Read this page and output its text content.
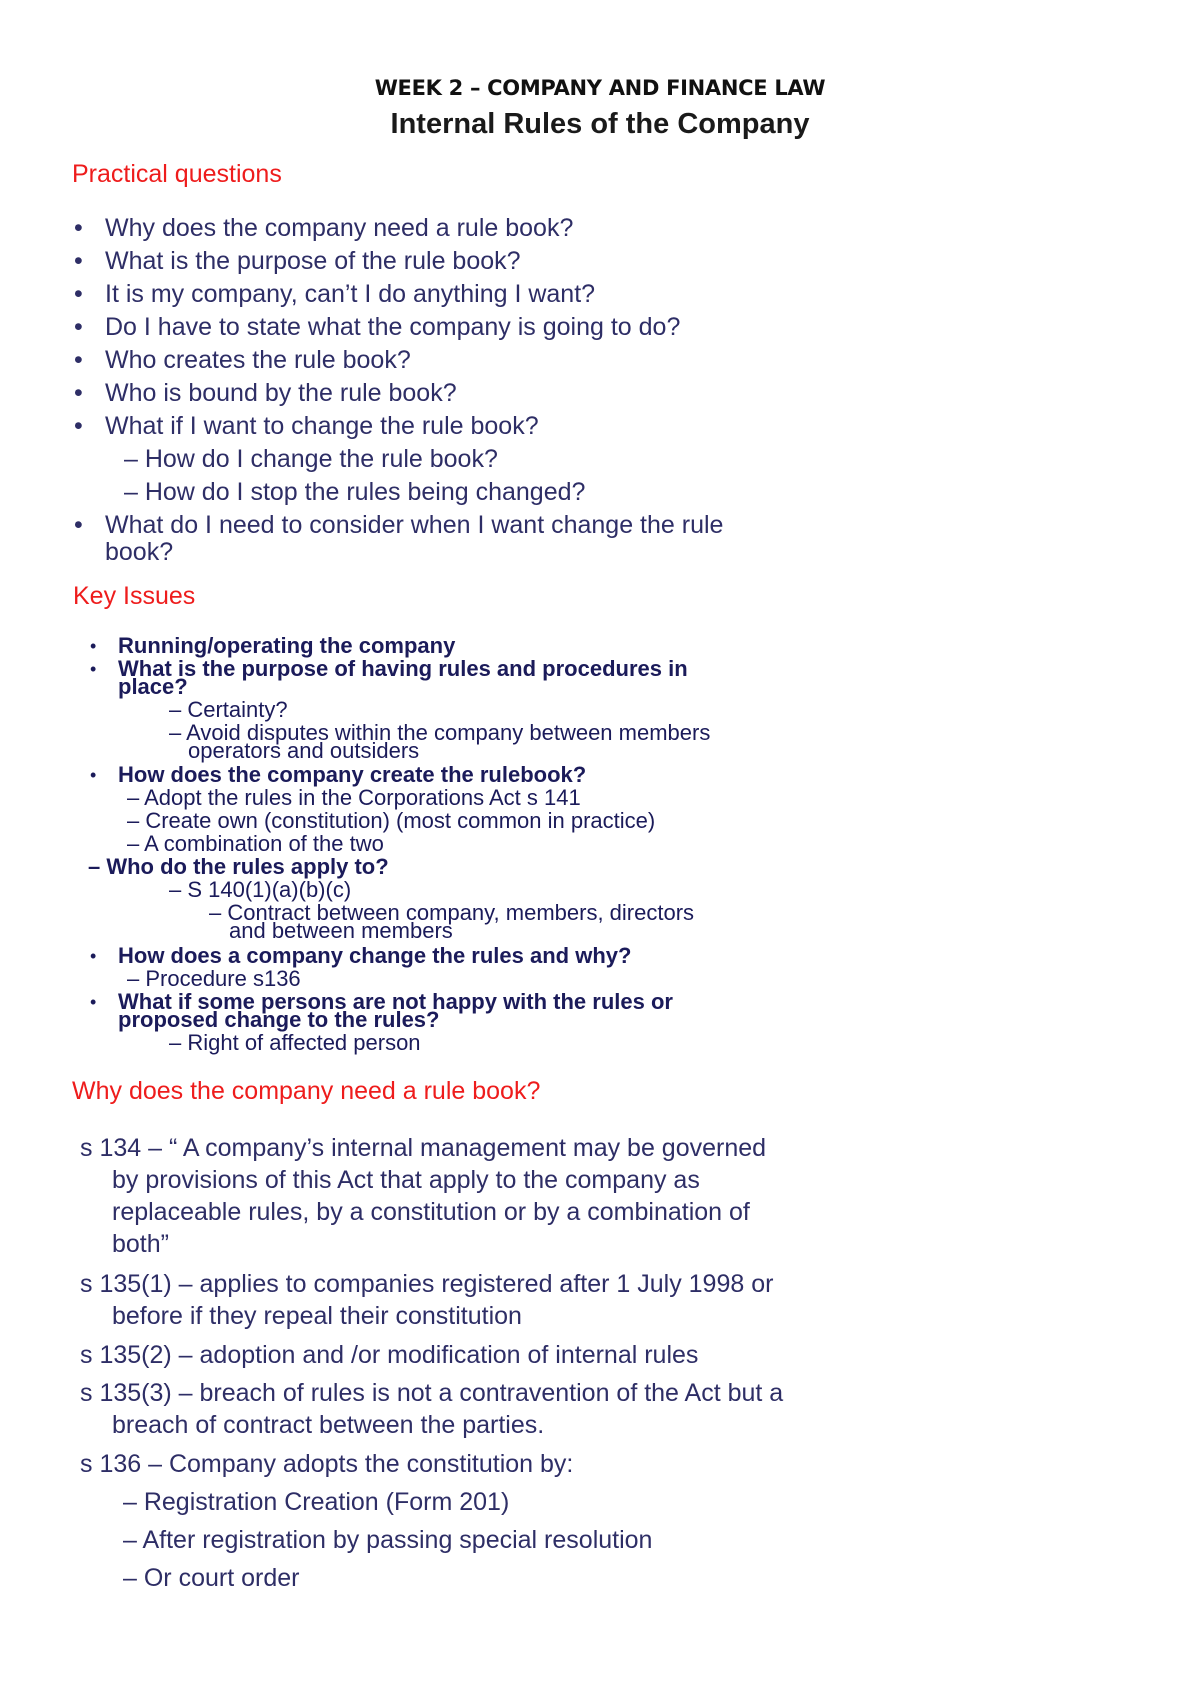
WEEK 2 – COMPANY AND FINANCE LAW
Internal Rules of the Company
Practical questions
• Why does the company need a rule book?
• What is the purpose of the rule book?
• It is my company, can’t I do anything I want?
• Do I have to state what the company is going to do?
• Who creates the rule book?
• Who is bound by the rule book?
• What if I want to change the rule book?
– How do I change the rule book?
– How do I stop the rules being changed?
• What do I need to consider when I want change the rule
book?
Key Issues
• Running/operating the company
• What is the purpose of having rules and procedures in
place?
– Certainty?
– Avoid disputes within the company between members
operators and outsiders
• How does the company create the rulebook?
– Adopt the rules in the Corporations Act s 141
– Create own (constitution) (most common in practice)
– A combination of the two
– Who do the rules apply to?
– S 140(1)(a)(b)(c)
– Contract between company, members, directors
and between members
• How does a company change the rules and why?
– Procedure s136
• What if some persons are not happy with the rules or
proposed change to the rules?
– Right of affected person
Why does the company need a rule book?
s 134 – “ A company’s internal management may be governed
by provisions of this Act that apply to the company as
replaceable rules, by a constitution or by a combination of
both”
s 135(1) – applies to companies registered after 1 July 1998 or
before if they repeal their constitution
s 135(2) – adoption and /or modification of internal rules
s 135(3) – breach of rules is not a contravention of the Act but a
breach of contract between the parties.
s 136 – Company adopts the constitution by:
– Registration Creation (Form 201)
– After registration by passing special resolution
– Or court order
